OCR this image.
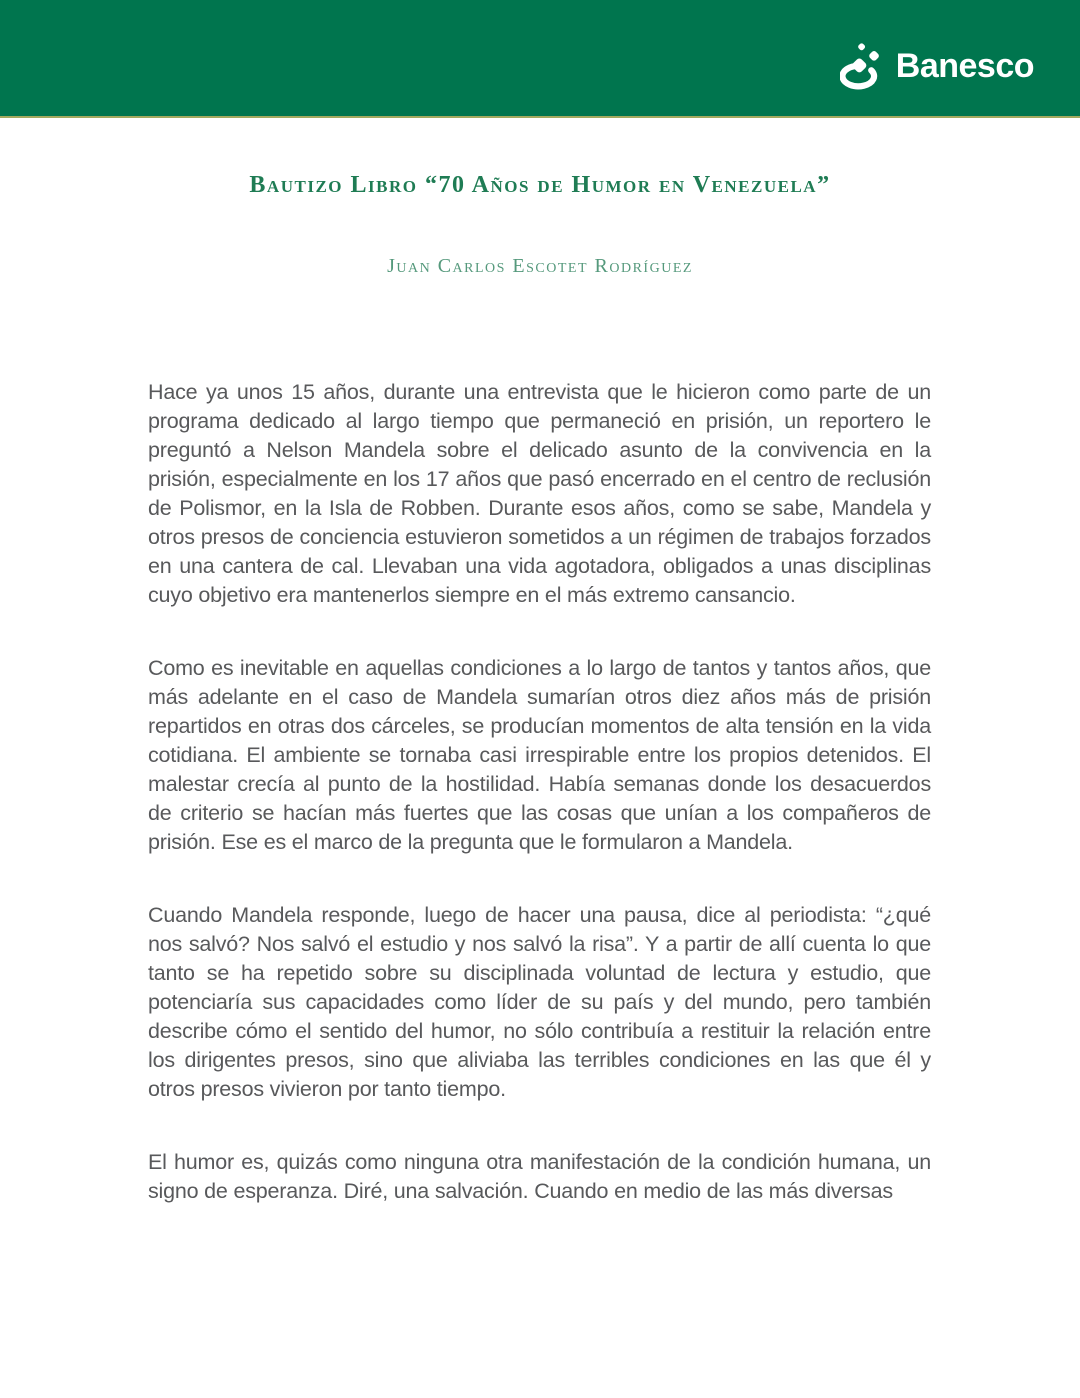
Banesco
Bautizo Libro “70 Años de Humor en Venezuela”
Juan Carlos Escotet Rodríguez

Hace ya unos 15 años, durante una entrevista que le hicieron como parte de un programa dedicado al largo tiempo que permaneció en prisión, un reportero le preguntó a Nelson Mandela sobre el delicado asunto de la convivencia en la prisión, especialmente en los 17 años que pasó encerrado en el centro de reclusión de Polismor, en la Isla de Robben. Durante esos años, como se sabe, Mandela y otros presos de conciencia estuvieron sometidos a un régimen de trabajos forzados en una cantera de cal. Llevaban una vida agotadora, obligados a unas disciplinas cuyo objetivo era mantenerlos siempre en el más extremo cansancio.

Como es inevitable en aquellas condiciones a lo largo de tantos y tantos años, que más adelante en el caso de Mandela sumarían otros diez años más de prisión repartidos en otras dos cárceles, se producían momentos de alta tensión en la vida cotidiana. El ambiente se tornaba casi irrespirable entre los propios detenidos. El malestar crecía al punto de la hostilidad. Había semanas donde los desacuerdos de criterio se hacían más fuertes que las cosas que unían a los compañeros de prisión. Ese es el marco de la pregunta que le formularon a Mandela.

Cuando Mandela responde, luego de hacer una pausa, dice al periodista: “¿qué nos salvó? Nos salvó el estudio y nos salvó la risa”. Y a partir de allí cuenta lo que tanto se ha repetido sobre su disciplinada voluntad de lectura y estudio, que potenciaría sus capacidades como líder de su país y del mundo, pero también describe cómo el sentido del humor, no sólo contribuía a restituir la relación entre los dirigentes presos, sino que aliviaba las terribles condiciones en las que él y otros presos vivieron por tanto tiempo.

El humor es, quizás como ninguna otra manifestación de la condición humana, un signo de esperanza. Diré, una salvación. Cuando en medio de las más diversas
